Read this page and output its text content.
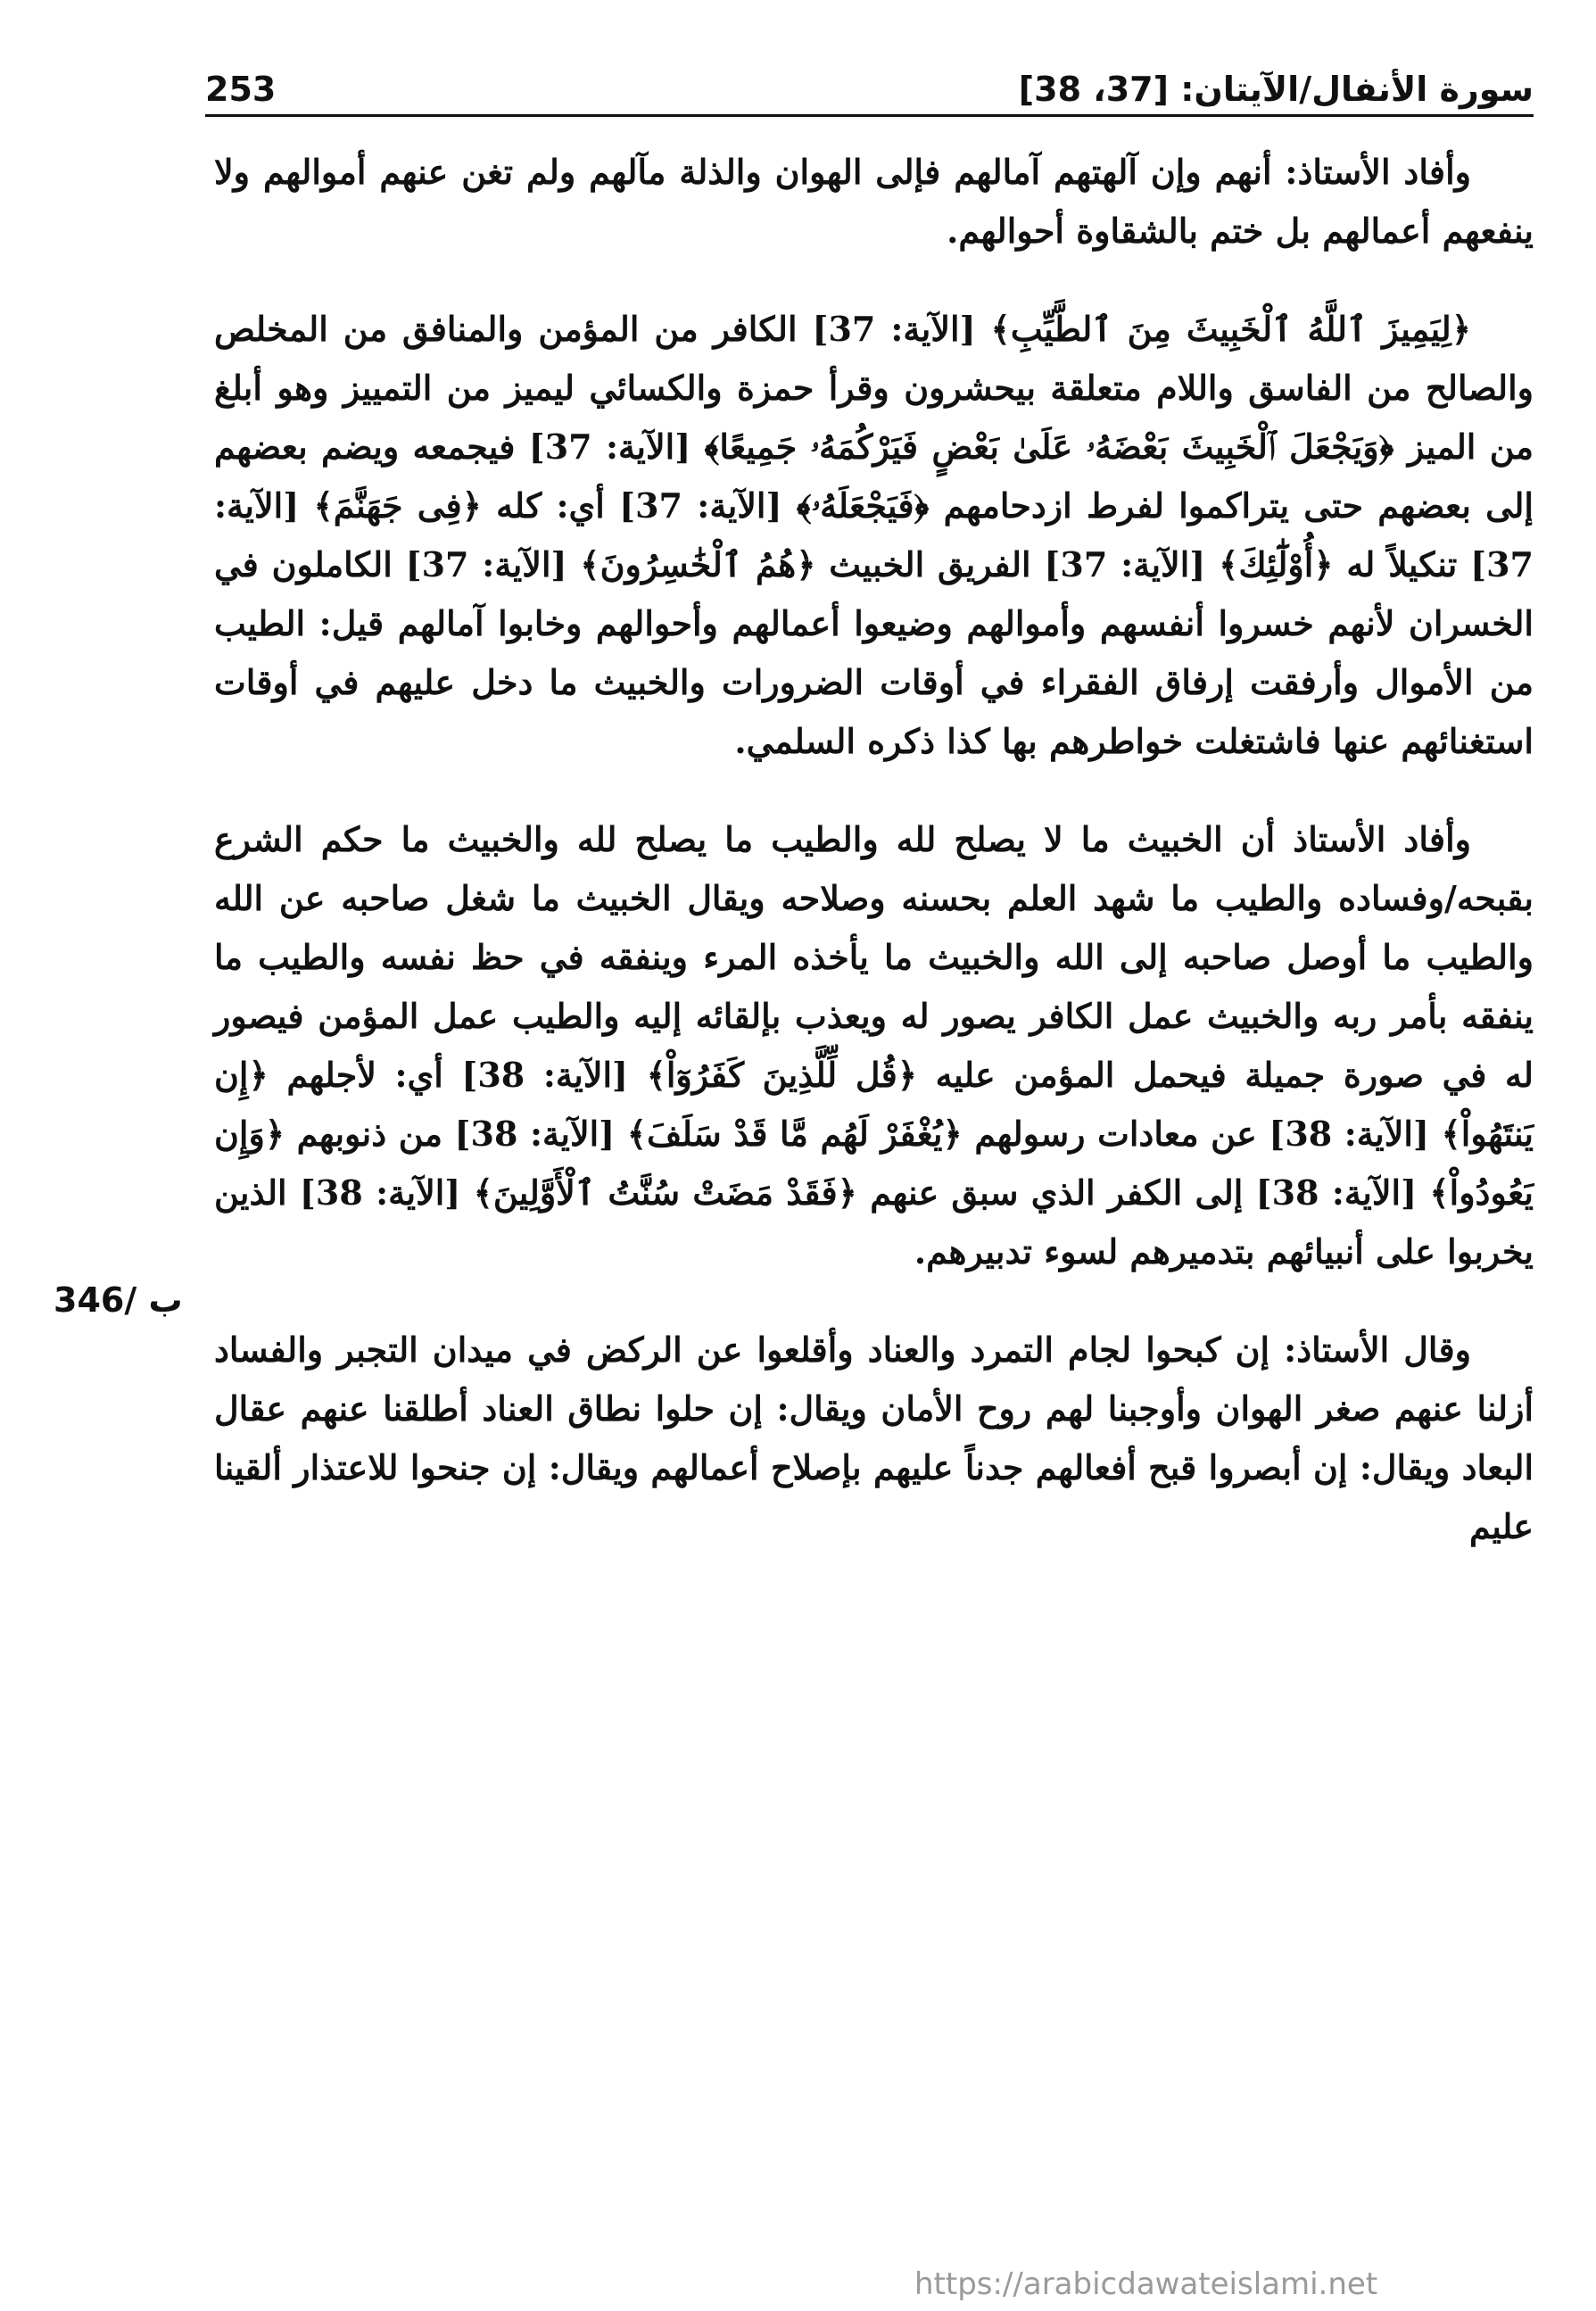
سورة الأنفال/الآيتان: [37، 38]
253

وأفاد الأستاذ: أنهم وإن آلهتهم آمالهم فإلى الهوان والذلة مآلهم ولم تغن عنهم أموالهم ولا ينفعهم أعمالهم بل ختم بالشقاوة أحوالهم.

﴿لِيَمِيزَ ٱللَّهُ ٱلْخَبِيثَ مِنَ ٱلطَّيِّبِ﴾ [الآية: 37] الكافر من المؤمن والمنافق من المخلص والصالح من الفاسق واللام متعلقة بيحشرون وقرأ حمزة والكسائي ليميز من التمييز وهو أبلغ من الميز ﴿وَيَجْعَلَ ٱلْخَبِيثَ بَعْضَهُۥ عَلَىٰ بَعْضٍ فَيَرْكُمَهُۥ جَمِيعًا﴾ [الآية: 37] فيجمعه ويضم بعضهم إلى بعضهم حتى يتراكموا لفرط ازدحامهم ﴿فَيَجْعَلَهُۥ﴾ [الآية: 37] أي: كله ﴿فِى جَهَنَّمَ﴾ [الآية: 37] تنكيلاً له ﴿أُوْلَٰٓئِكَ﴾ [الآية: 37] الفريق الخبيث ﴿هُمُ ٱلْخَٰسِرُونَ﴾ [الآية: 37] الكاملون في الخسران لأنهم خسروا أنفسهم وأموالهم وضيعوا أعمالهم وأحوالهم وخابوا آمالهم قيل: الطيب من الأموال وأرفقت إرفاق الفقراء في أوقات الضرورات والخبيث ما دخل عليهم في أوقات استغنائهم عنها فاشتغلت خواطرهم بها كذا ذكره السلمي.

وأفاد الأستاذ أن الخبيث ما لا يصلح لله والطيب ما يصلح لله والخبيث ما حكم الشرع بقبحه/وفساده والطيب ما شهد العلم بحسنه وصلاحه ويقال الخبيث ما شغل صاحبه عن الله والطيب ما أوصل صاحبه إلى الله والخبيث ما يأخذه المرء وينفقه في حظ نفسه والطيب ما ينفقه بأمر ربه والخبيث عمل الكافر يصور له ويعذب بإلقائه إليه والطيب عمل المؤمن فيصور له في صورة جميلة فيحمل المؤمن عليه ﴿قُل لِّلَّذِينَ كَفَرُوٓاْ﴾ [الآية: 38] أي: لأجلهم ﴿إِن يَنتَهُواْ﴾ [الآية: 38] عن معادات رسولهم ﴿يُغْفَرْ لَهُم مَّا قَدْ سَلَفَ﴾ [الآية: 38] من ذنوبهم ﴿وَإِن يَعُودُواْ﴾ [الآية: 38] إلى الكفر الذي سبق عنهم ﴿فَقَدْ مَضَتْ سُنَّتُ ٱلْأَوَّلِينَ﴾ [الآية: 38] الذين يخربوا على أنبيائهم بتدميرهم لسوء تدبيرهم.

وقال الأستاذ: إن كبحوا لجام التمرد والعناد وأقلعوا عن الركض في ميدان التجبر والفساد أزلنا عنهم صغر الهوان وأوجبنا لهم روح الأمان ويقال: إن حلوا نطاق العناد أطلقنا عنهم عقال البعاد ويقال: إن أبصروا قبح أفعالهم جدناً عليهم بإصلاح أعمالهم ويقال: إن جنحوا للاعتذار ألقينا عليم

346/ ب
https://arabicdawateislami.net
